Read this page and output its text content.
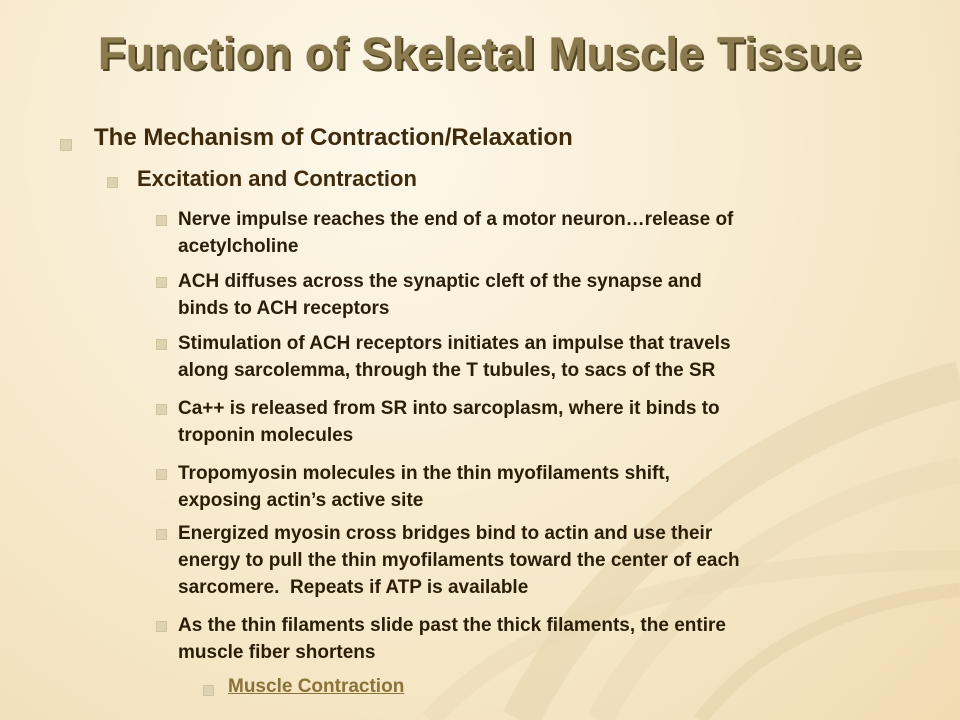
Function of Skeletal Muscle Tissue
The Mechanism of Contraction/Relaxation
Excitation and Contraction
Nerve impulse reaches the end of a motor neuron…release of
acetylcholine
ACH diffuses across the synaptic cleft of the synapse and
binds to ACH receptors
Stimulation of ACH receptors initiates an impulse that travels
along sarcolemma, through the T tubules, to sacs of the SR
Ca++ is released from SR into sarcoplasm, where it binds to
troponin molecules
Tropomyosin molecules in the thin myofilaments shift,
exposing actin’s active site
Energized myosin cross bridges bind to actin and use their
energy to pull the thin myofilaments toward the center of each
sarcomere.  Repeats if ATP is available
As the thin filaments slide past the thick filaments, the entire
muscle fiber shortens
Muscle Contraction
